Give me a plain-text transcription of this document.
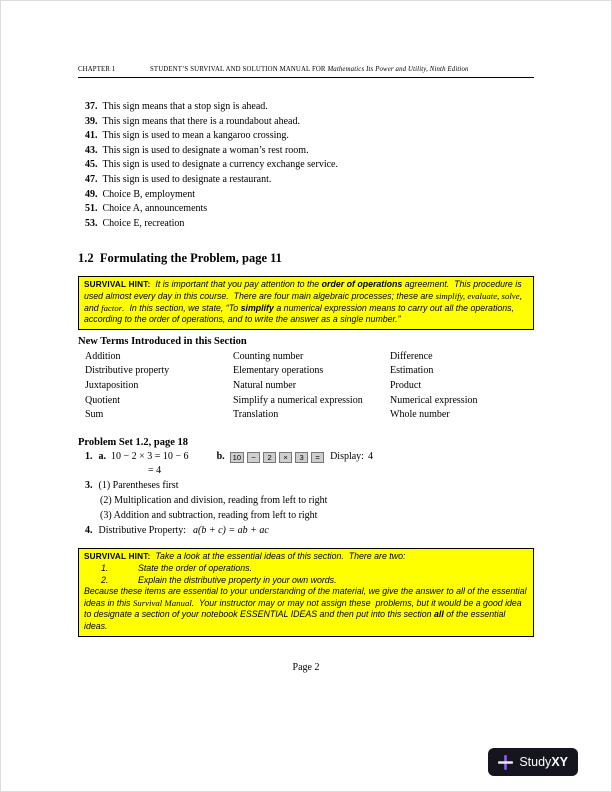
CHAPTER 1	STUDENT’S SURVIVAL AND SOLUTION MANUAL FOR Mathematics Its Power and Utility, Ninth Edition
37. This sign means that a stop sign is ahead.
39. This sign means that there is a roundabout ahead.
41. This sign is used to mean a kangaroo crossing.
43. This sign is used to designate a woman’s rest room.
45. This sign is used to designate a currency exchange service.
47. This sign is used to designate a restaurant.
49. Choice B, employment
51. Choice A, announcements
53. Choice E, recreation
1.2  Formulating the Problem, page 11

SURVIVAL HINT:  It is important that you pay attention to the order of operations agreement.  This procedure is used almost every day in this course.  There are four main algebraic processes; these are simplify, evaluate, solve, and factor.  In this section, we state, “To simplify a numerical expression means to carry out all the operations, according to the order of operations, and to write the answer as a single number.”

New Terms Introduced in this Section
Addition	Counting number	Difference
Distributive property	Elementary operations	Estimation
Juxtaposition	Natural number	Product
Quotient	Simplify a numerical expression	Numerical expression
Sum	Translation	Whole number
Problem Set 1.2, page 18
1. a. 10 − 2 × 3 = 10 − 6	b.	10	−	2	×	3	=	Display: 4
= 4
3. (1) Parentheses first
(2) Multiplication and division, reading from left to right
(3) Addition and subtraction, reading from left to right
4. Distributive Property: a(b + c) = ab + ac

SURVIVAL HINT:  Take a look at the essential ideas of this section.  There are two:

1.	State the order of operations.
2.	Explain the distributive property in your own words.

Because these items are essential to your understanding of the material, we give the answer to all of the essential ideas in this Survival Manual.  Your instructor may or may not assign these  problems, but it would be a good idea to designate a section of your notebook ESSENTIAL IDEAS and then put into this section all of the essential ideas.

Page 2
StudyXY
